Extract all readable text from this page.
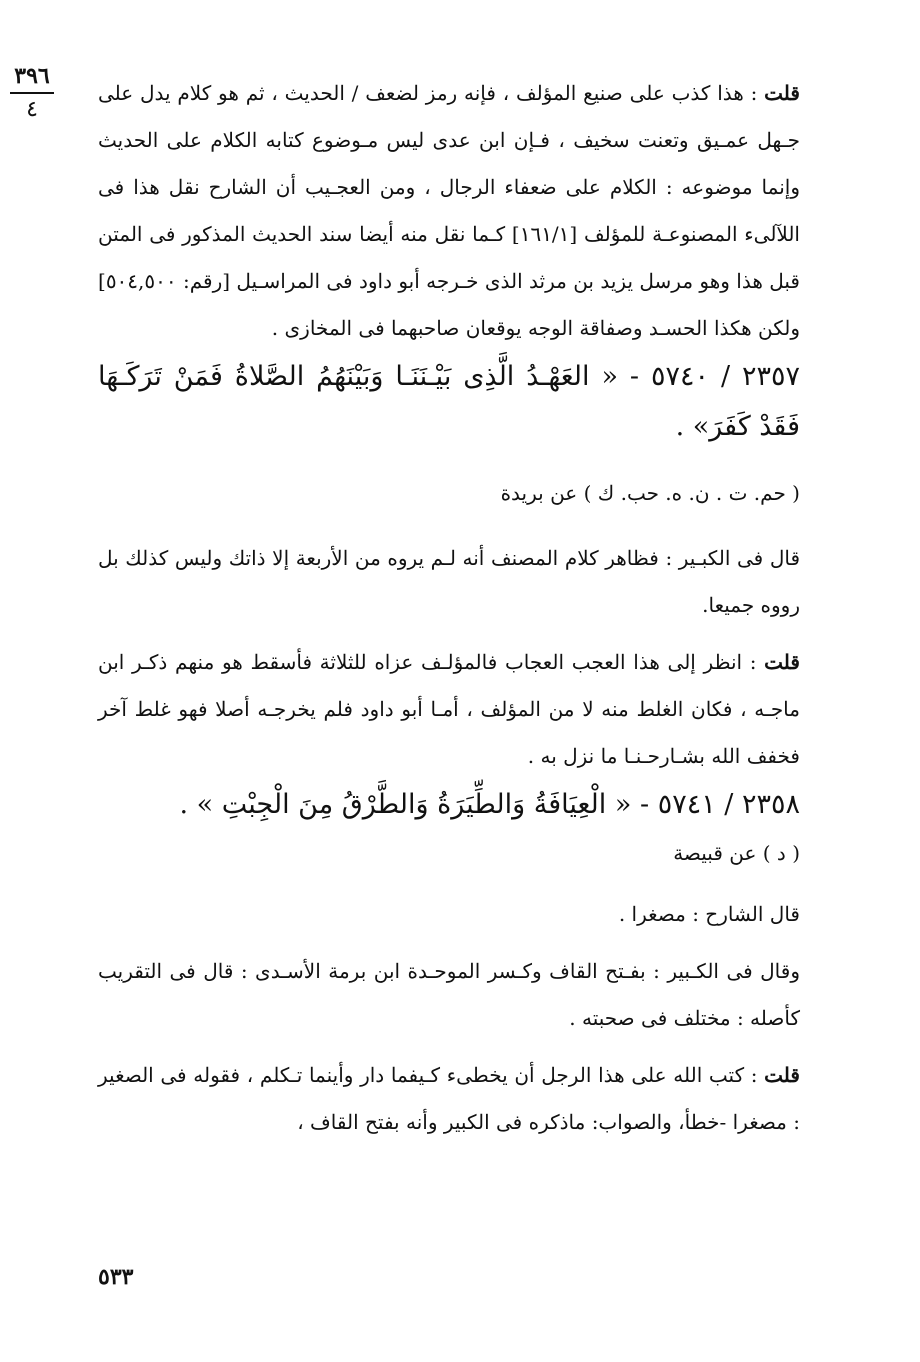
٣٩٦
٤

قلت : هذا كذب على صنيع المؤلف ، فإنه رمز لضعف / الحديث ، ثم هو كلام يدل على جـهل عمـيق وتعنت سخيف ، فـإن ابن عدى ليس مـوضوع كتابه الكلام على الحديث وإنما موضوعه : الكلام على ضعفاء الرجال ، ومن العجـيب أن الشارح نقل هذا فى اللآلىء المصنوعـة للمؤلف [١٦١/١] كـما نقل منه أيضا سند الحديث المذكور فى المتن قبل هذا وهو مرسل يزيد بن مرثد الذى خـرجه أبو داود فى المراسـيل [رقم: ٥٠٤,٥٠٠] ولكن هكذا الحسـد وصفاقة الوجه يوقعان صاحبهما فى المخازى .

٢٣٥٧ / ٥٧٤٠ - « العَهْـدُ الَّذِى بَيْـنَنَـا وَبَيْنَهُمُ الصَّلاةُ فَمَنْ تَرَكَـهَا فَقَدْ كَفَرَ» .

( حم. ت . ن. ه. حب. ك ) عن بريدة

قال فى الكبـير : فظاهر كلام المصنف أنه لـم يروه من الأربعة إلا ذاتك وليس كذلك بل رووه جميعا.

قلت : انظر إلى هذا العجب العجاب فالمؤلـف عزاه للثلاثة فأسقط هو منهم ذكـر ابن ماجـه ، فكان الغلط منه لا من المؤلف ، أمـا أبو داود فلم يخرجـه أصلا فهو غلط آخر فخفف الله بشـارحـنـا ما نزل به .

٢٣٥٨ / ٥٧٤١ - « الْعِيَافَةُ وَالطِّيَرَةُ وَالطَّرْقُ مِنَ الْجِبْتِ » .

( د ) عن قبيصة

قال الشارح : مصغرا .

وقال فى الكـبير : بفـتح القاف وكـسر الموحـدة ابن برمة الأسـدى : قال فى التقريب كأصله : مختلف فى صحبته .

قلت : كتب الله على هذا الرجل أن يخطىء كـيفما دار وأينما تـكلم ، فقوله فى الصغير : مصغرا -خطأ، والصواب: ماذكره فى الكبير وأنه بفتح القاف ،

٥٣٣
